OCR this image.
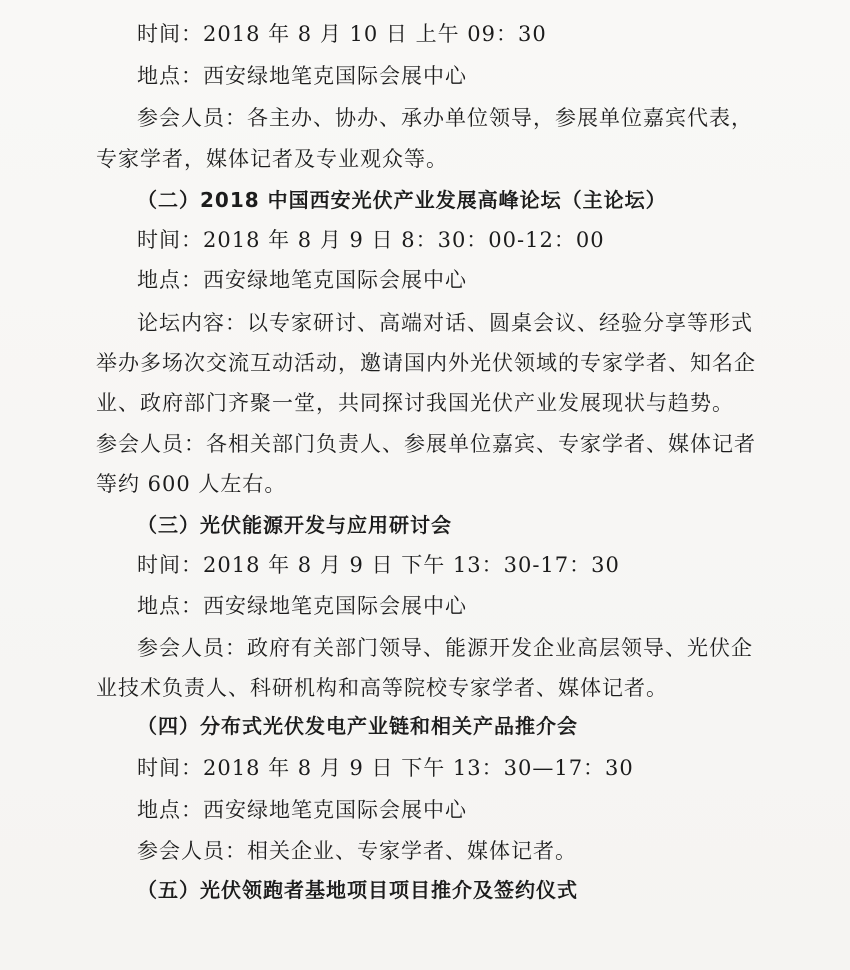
时间：2018 年 8 月 10 日 上午 09：30
地点：西安绿地笔克国际会展中心
参会人员：各主办、协办、承办单位领导，参展单位嘉宾代表，
专家学者，媒体记者及专业观众等。
（二）2018 中国西安光伏产业发展高峰论坛（主论坛）
时间：2018 年 8 月 9 日 8：30：00-12：00
地点：西安绿地笔克国际会展中心
论坛内容：以专家研讨、高端对话、圆桌会议、经验分享等形式
举办多场次交流互动活动，邀请国内外光伏领域的专家学者、知名企
业、政府部门齐聚一堂，共同探讨我国光伏产业发展现状与趋势。
参会人员：各相关部门负责人、参展单位嘉宾、专家学者、媒体记者
等约 600 人左右。
（三）光伏能源开发与应用研讨会
时间：2018 年 8 月 9 日 下午 13：30-17：30
地点：西安绿地笔克国际会展中心
参会人员：政府有关部门领导、能源开发企业高层领导、光伏企
业技术负责人、科研机构和高等院校专家学者、媒体记者。
（四）分布式光伏发电产业链和相关产品推介会
时间：2018 年 8 月 9 日 下午 13：30—17：30
地点：西安绿地笔克国际会展中心
参会人员：相关企业、专家学者、媒体记者。
（五）光伏领跑者基地项目项目推介及签约仪式
